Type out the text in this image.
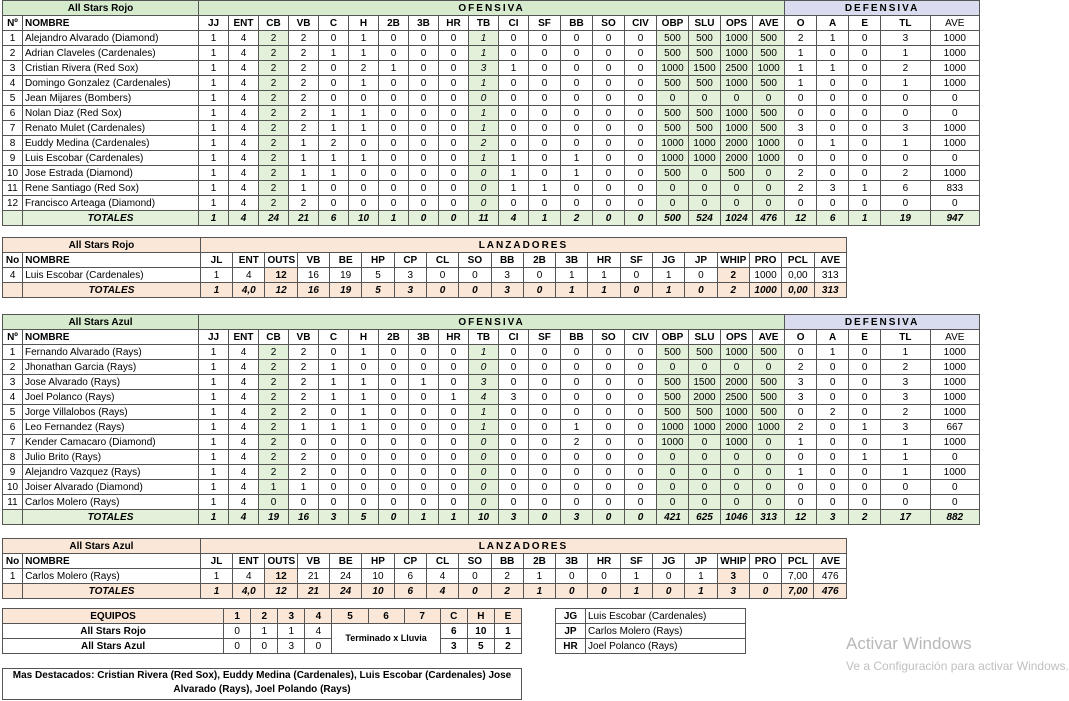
All Stars Rojo		OFENSIVA																			DEFENSIVA				
Nº	NOMBRE	JJ	ENT	CB	VB	C	H	2B	3B	HR	TB	CI	SF	BB	SO	CIV	OBP	SLU	OPS	AVE	O	A	E	TL	AVE
1	Alejandro Alvarado (Diamond)	1	4	2	2	0	1	0	0	0	1	0	0	0	0	0	500	500	1000	500	2	1	0	3	1000
2	Adrian Claveles (Cardenales)	1	4	2	2	1	1	0	0	0	1	0	0	0	0	0	500	500	1000	500	1	0	0	1	1000
3	Cristian Rivera (Red Sox)	1	4	2	2	0	2	1	0	0	3	1	0	0	0	0	1000	1500	2500	1000	1	1	0	2	1000
4	Domingo Gonzalez (Cardenales)	1	4	2	2	0	1	0	0	0	1	0	0	0	0	0	500	500	1000	500	1	0	0	1	1000
5	Jean Mijares (Bombers)	1	4	2	2	0	0	0	0	0	0	0	0	0	0	0	0	0	0	0	0	0	0	0	0
6	Nolan Diaz (Red Sox)	1	4	2	2	1	1	0	0	0	1	0	0	0	0	0	500	500	1000	500	0	0	0	0	0
7	Renato Mulet (Cardenales)	1	4	2	2	1	1	0	0	0	1	0	0	0	0	0	500	500	1000	500	3	0	0	3	1000
8	Euddy Medina (Cardenales)	1	4	2	1	2	0	0	0	0	2	0	0	0	0	0	1000	1000	2000	1000	0	1	0	1	1000
9	Luis Escobar (Cardenales)	1	4	2	1	1	1	0	0	0	1	1	0	1	0	0	1000	1000	2000	1000	0	0	0	0	0
10	Jose Estrada (Diamond)	1	4	2	1	1	0	0	0	0	0	1	0	1	0	0	500	0	500	0	2	0	0	2	1000
11	Rene Santiago (Red Sox)	1	4	2	1	0	0	0	0	0	0	1	1	0	0	0	0	0	0	0	2	3	1	6	833
12	Francisco Arteaga (Diamond)	1	4	2	2	0	0	0	0	0	0	0	0	0	0	0	0	0	0	0	0	0	0	0	0
	TOTALES	1	4	24	21	6	10	1	0	0	11	4	1	2	0	0	500	524	1024	476	12	6	1	19	947
All Stars Rojo		LANZADORES																			
No	NOMBRE	JL	ENT	OUTS	VB	BE	HP	CP	CL	SO	BB	2B	3B	HR	SF	JG	JP	WHIP	PRO	PCL	AVE
4	Luis Escobar (Cardenales)	1	4	12	16	19	5	3	0	0	3	0	1	1	0	1	0	2	1000	0,00	313
	TOTALES	1	4,0	12	16	19	5	3	0	0	3	0	1	1	0	1	0	2	1000	0,00	313
All Stars Azul		OFENSIVA																			DEFENSIVA				
Nº	NOMBRE	JJ	ENT	CB	VB	C	H	2B	3B	HR	TB	CI	SF	BB	SO	CIV	OBP	SLU	OPS	AVE	O	A	E	TL	AVE
1	Fernando Alvarado (Rays)	1	4	2	2	0	1	0	0	0	1	0	0	0	0	0	500	500	1000	500	0	1	0	1	1000
2	Jhonathan Garcia (Rays)	1	4	2	2	1	0	0	0	0	0	0	0	0	0	0	0	0	0	0	2	0	0	2	1000
3	Jose Alvarado (Rays)	1	4	2	2	1	1	0	1	0	3	0	0	0	0	0	500	1500	2000	500	3	0	0	3	1000
4	Joel Polanco (Rays)	1	4	2	2	1	1	0	0	1	4	3	0	0	0	0	500	2000	2500	500	3	0	0	3	1000
5	Jorge Villalobos (Rays)	1	4	2	2	0	1	0	0	0	1	0	0	0	0	0	500	500	1000	500	0	2	0	2	1000
6	Leo Fernandez (Rays)	1	4	2	1	1	1	0	0	0	1	0	0	1	0	0	1000	1000	2000	1000	2	0	1	3	667
7	Kender Camacaro (Diamond)	1	4	2	0	0	0	0	0	0	0	0	0	2	0	0	1000	0	1000	0	1	0	0	1	1000
8	Julio Brito (Rays)	1	4	2	2	0	0	0	0	0	0	0	0	0	0	0	0	0	0	0	0	0	1	1	0
9	Alejandro Vazquez (Rays)	1	4	2	2	0	0	0	0	0	0	0	0	0	0	0	0	0	0	0	1	0	0	1	1000
10	Joiser Alvarado (Diamond)	1	4	1	1	0	0	0	0	0	0	0	0	0	0	0	0	0	0	0	0	0	0	0	0
11	Carlos Molero (Rays)	1	4	0	0	0	0	0	0	0	0	0	0	0	0	0	0	0	0	0	0	0	0	0	0
	TOTALES	1	4	19	16	3	5	0	1	1	10	3	0	3	0	0	421	625	1046	313	12	3	2	17	882
All Stars Azul		LANZADORES																			
No	NOMBRE	JL	ENT	OUTS	VB	BE	HP	CP	CL	SO	BB	2B	3B	HR	SF	JG	JP	WHIP	PRO	PCL	AVE
1	Carlos Molero (Rays)	1	4	12	21	24	10	6	4	0	2	1	0	0	1	0	1	3	0	7,00	476
	TOTALES	1	4,0	12	21	24	10	6	4	0	2	1	0	0	1	0	1	3	0	7,00	476
EQUIPOS	1	2	3	4	5	6	7	C	H	E
All Stars Rojo	0	1	1	4	Terminado x Lluvia			6	10	1
All Stars Azul	0	0	3	0				3	5	2
JG	Luis Escobar (Cardenales)
JP	Carlos Molero (Rays)
HR	Joel Polanco (Rays)
Mas Destacados: Cristian Rivera (Red Sox), Euddy Medina (Cardenales), Luis Escobar (Cardenales) Jose Alvarado (Rays), Joel Polando (Rays)
Activar Windows
Ve a Configuración para activar Windows.
